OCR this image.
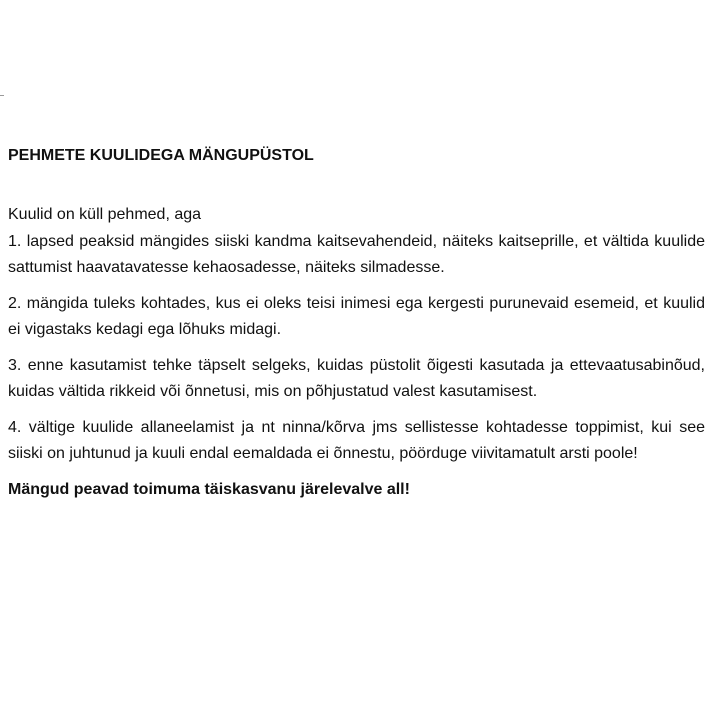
PEHMETE KUULIDEGA MÄNGUPÜSTOL
Kuulid on küll pehmed, aga
1. lapsed peaksid mängides siiski kandma kaitsevahendeid, näiteks kaitseprille, et vältida kuulide sattumist haavatavatesse kehaosadesse, näiteks silmadesse.
2. mängida tuleks kohtades, kus ei oleks teisi inimesi ega kergesti purunevaid esemeid, et kuulid ei vigastaks kedagi ega lõhuks midagi.
3. enne kasutamist tehke täpselt selgeks, kuidas püstolit õigesti kasutada ja ettevaatusabinõud, kuidas vältida rikkeid või õnnetusi, mis on põhjustatud valest kasutamisest.
4. vältige kuulide allaneelamist ja nt ninna/kõrva jms sellistesse kohtadesse toppimist, kui see siiski on juhtunud ja kuuli endal eemaldada ei õnnestu, pöörduge viivitamatult arsti poole!
Mängud peavad toimuma täiskasvanu järelevalve all!
